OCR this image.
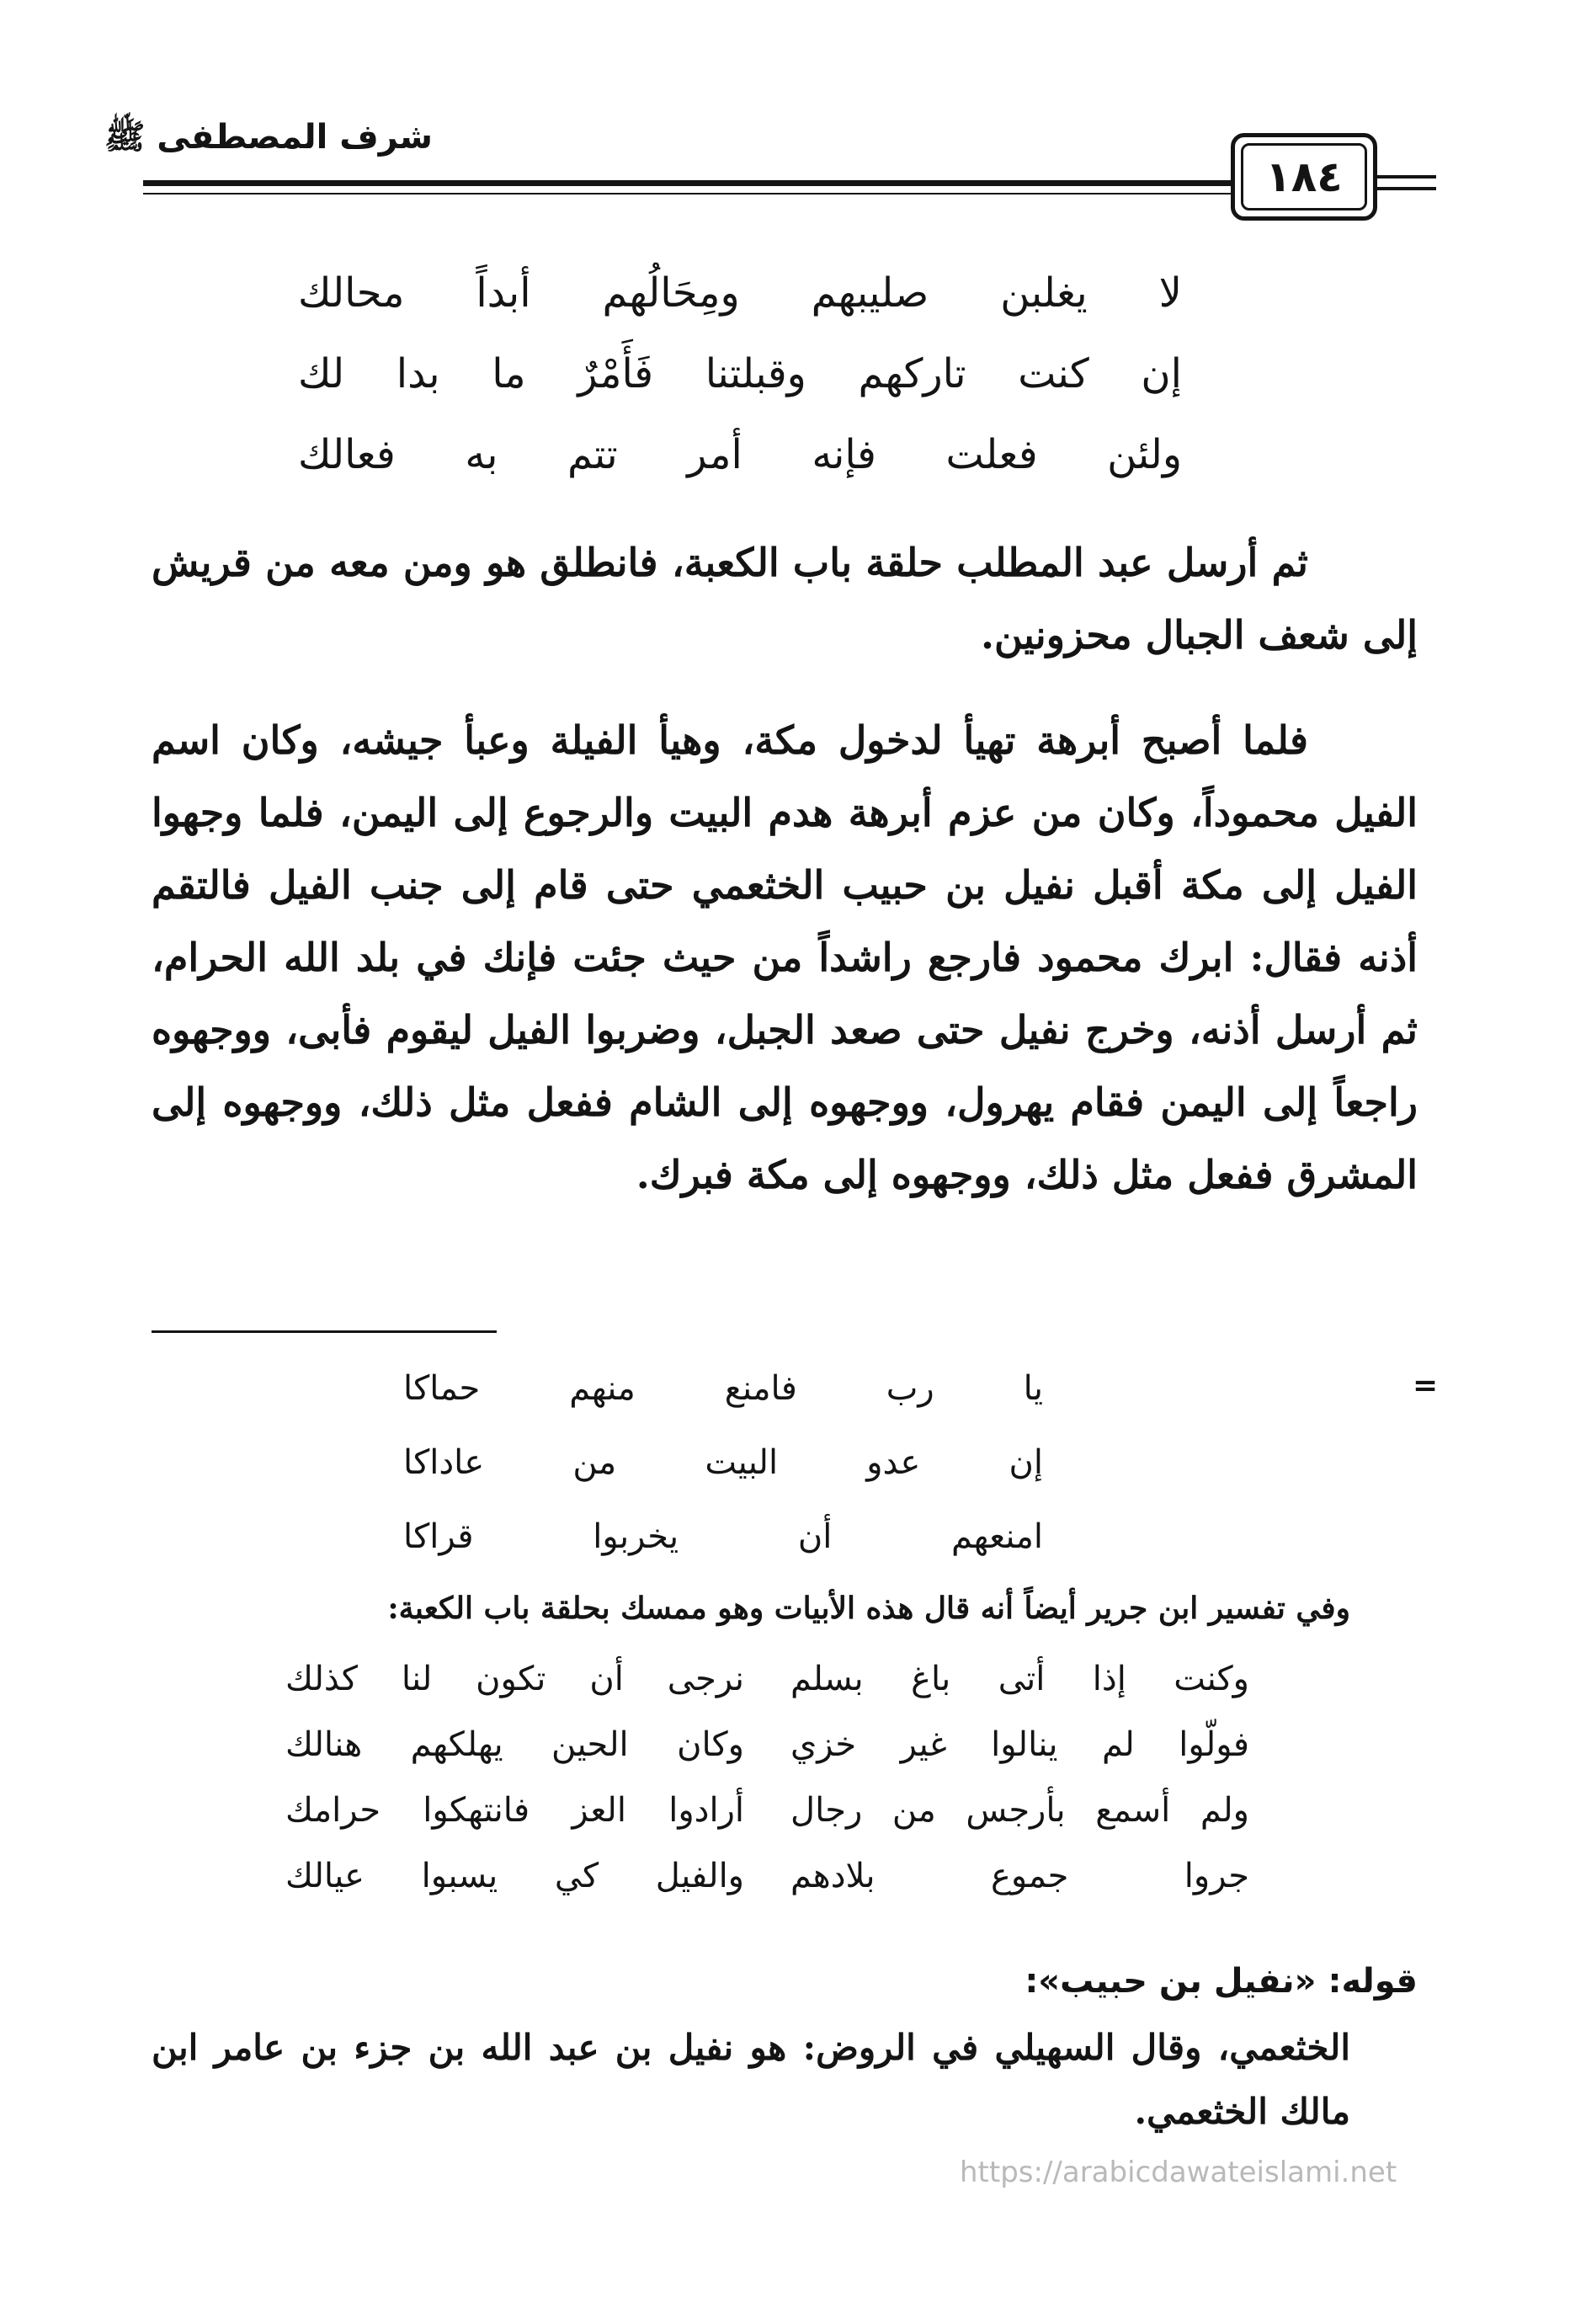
شرف المصطفى ﷺ
١٨٤
لا يغلبن صليبهم ومِحَالُهم أبداً محالك
إن كنت تاركهم وقبلتنا فَأَمْرٌ ما بدا لك
ولئن فعلت فإنه أمر تتم به فعالك

ثم أرسل عبد المطلب حلقة باب الكعبة، فانطلق هو ومن معه من قريش إلى شعف الجبال محزونين.

فلما أصبح أبرهة تهيأ لدخول مكة، وهيأ الفيلة وعبأ جيشه، وكان اسم الفيل محموداً، وكان من عزم أبرهة هدم البيت والرجوع إلى اليمن، فلما وجهوا الفيل إلى مكة أقبل نفيل بن حبيب الخثعمي حتى قام إلى جنب الفيل فالتقم أذنه فقال: ابرك محمود فارجع راشداً من حيث جئت فإنك في بلد الله الحرام، ثم أرسل أذنه، وخرج نفيل حتى صعد الجبل، وضربوا الفيل ليقوم فأبى، ووجهوه راجعاً إلى اليمن فقام يهرول، ووجهوه إلى الشام ففعل مثل ذلك، ووجهوه إلى المشرق ففعل مثل ذلك، ووجهوه إلى مكة فبرك.

=
يا رب فامنع منهم حماكا
إن عدو البيت من عاداكا
امنعهم أن يخربوا قراكا
وفي تفسير ابن جرير أيضاً أنه قال هذه الأبيات وهو ممسك بحلقة باب الكعبة:
وكنت إذا أتى باغ بسلم
نرجى أن تكون لنا كذلك
فولّوا لم ينالوا غير خزي
وكان الحين يهلكهم هنالك
ولم أسمع بأرجس من رجال
أرادوا العز فانتهكوا حرامك
جروا جموع بلادهم
والفيل كي يسبوا عيالك
قوله: «نفيل بن حبيب»:

الخثعمي، وقال السهيلي في الروض: هو نفيل بن عبد الله بن جزء بن عامر ابن مالك الخثعمي.

https://arabicdawateislami.net
